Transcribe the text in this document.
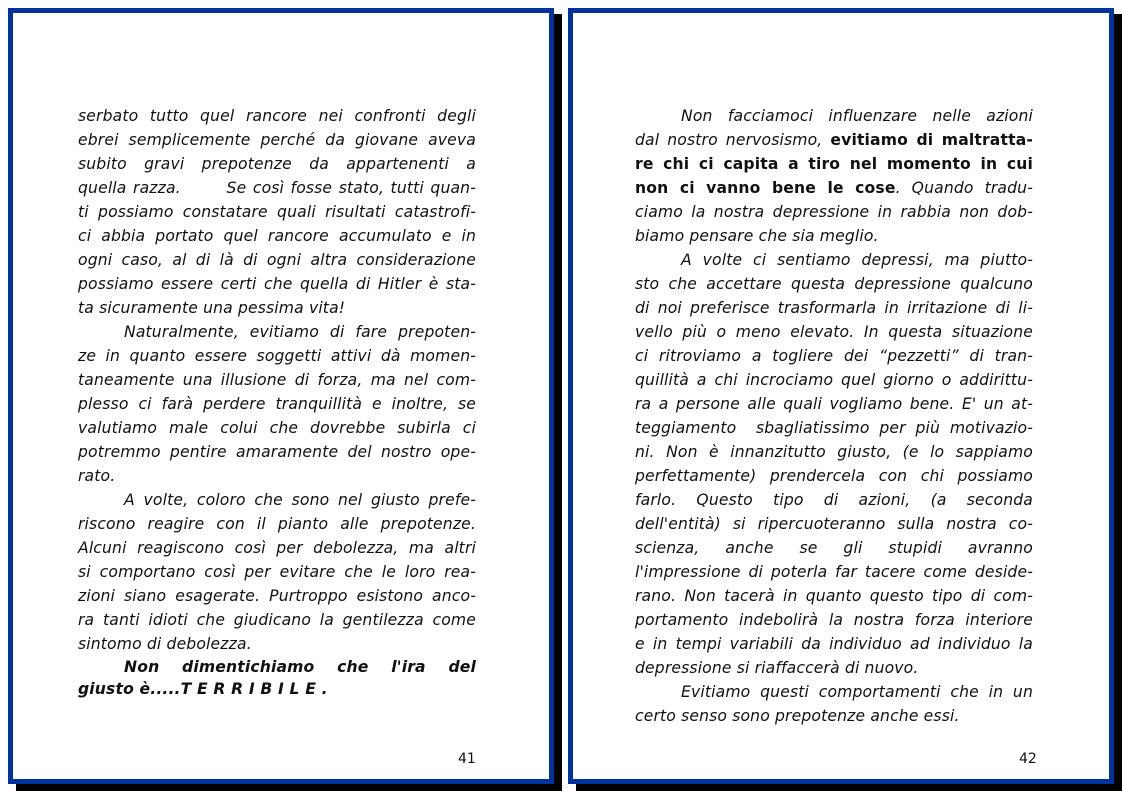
serbato tutto quel rancore nei confronti degli
ebrei semplicemente perché da giovane aveva
subito gravi prepotenze da appartenenti a
quella razza.       Se così fosse stato, tutti quan-
ti possiamo constatare quali risultati catastrofi-
ci abbia portato quel rancore accumulato e in
ogni caso, al di là di ogni altra considerazione
possiamo essere certi che quella di Hitler è sta-
ta sicuramente una pessima vita!
Naturalmente, evitiamo di fare prepoten-
ze in quanto essere soggetti attivi dà momen-
taneamente una illusione di forza, ma nel com-
plesso ci farà perdere tranquillità e inoltre, se
valutiamo male colui che dovrebbe subirla ci
potremmo pentire amaramente del nostro ope-
rato.
A volte, coloro che sono nel giusto prefe-
riscono reagire con il pianto alle prepotenze.
Alcuni reagiscono così per debolezza, ma altri
si comportano così per evitare che le loro rea-
zioni siano esagerate. Purtroppo esistono anco-
ra tanti idioti che giudicano la gentilezza come
sintomo di debolezza.
Non dimentichiamo che l'ira del
giusto è.....T E R R I B I L E .
41
Non facciamoci influenzare nelle azioni
dal nostro nervosismo, evitiamo di maltratta-
re chi ci capita a tiro nel momento in cui
non ci vanno bene le cose. Quando tradu-
ciamo la nostra depressione in rabbia non dob-
biamo pensare che sia meglio.
A volte ci sentiamo depressi, ma piutto-
sto che accettare questa depressione qualcuno
di noi preferisce trasformarla in irritazione di li-
vello più o meno elevato. In questa situazione
ci ritroviamo a togliere dei “pezzetti” di tran-
quillità a chi incrociamo quel giorno o addirittu-
ra a persone alle quali vogliamo bene. E' un at-
teggiamento  sbagliatissimo per più motivazio-
ni. Non è innanzitutto giusto, (e lo sappiamo
perfettamente) prendercela con chi possiamo
farlo. Questo tipo di azioni, (a seconda
dell'entità) si ripercuoteranno sulla nostra co-
scienza, anche se gli stupidi avranno
l'impressione di poterla far tacere come deside-
rano. Non tacerà in quanto questo tipo di com-
portamento indebolirà la nostra forza interiore
e in tempi variabili da individuo ad individuo la
depressione si riaffaccerà di nuovo.
Evitiamo questi comportamenti che in un
certo senso sono prepotenze anche essi.
42
